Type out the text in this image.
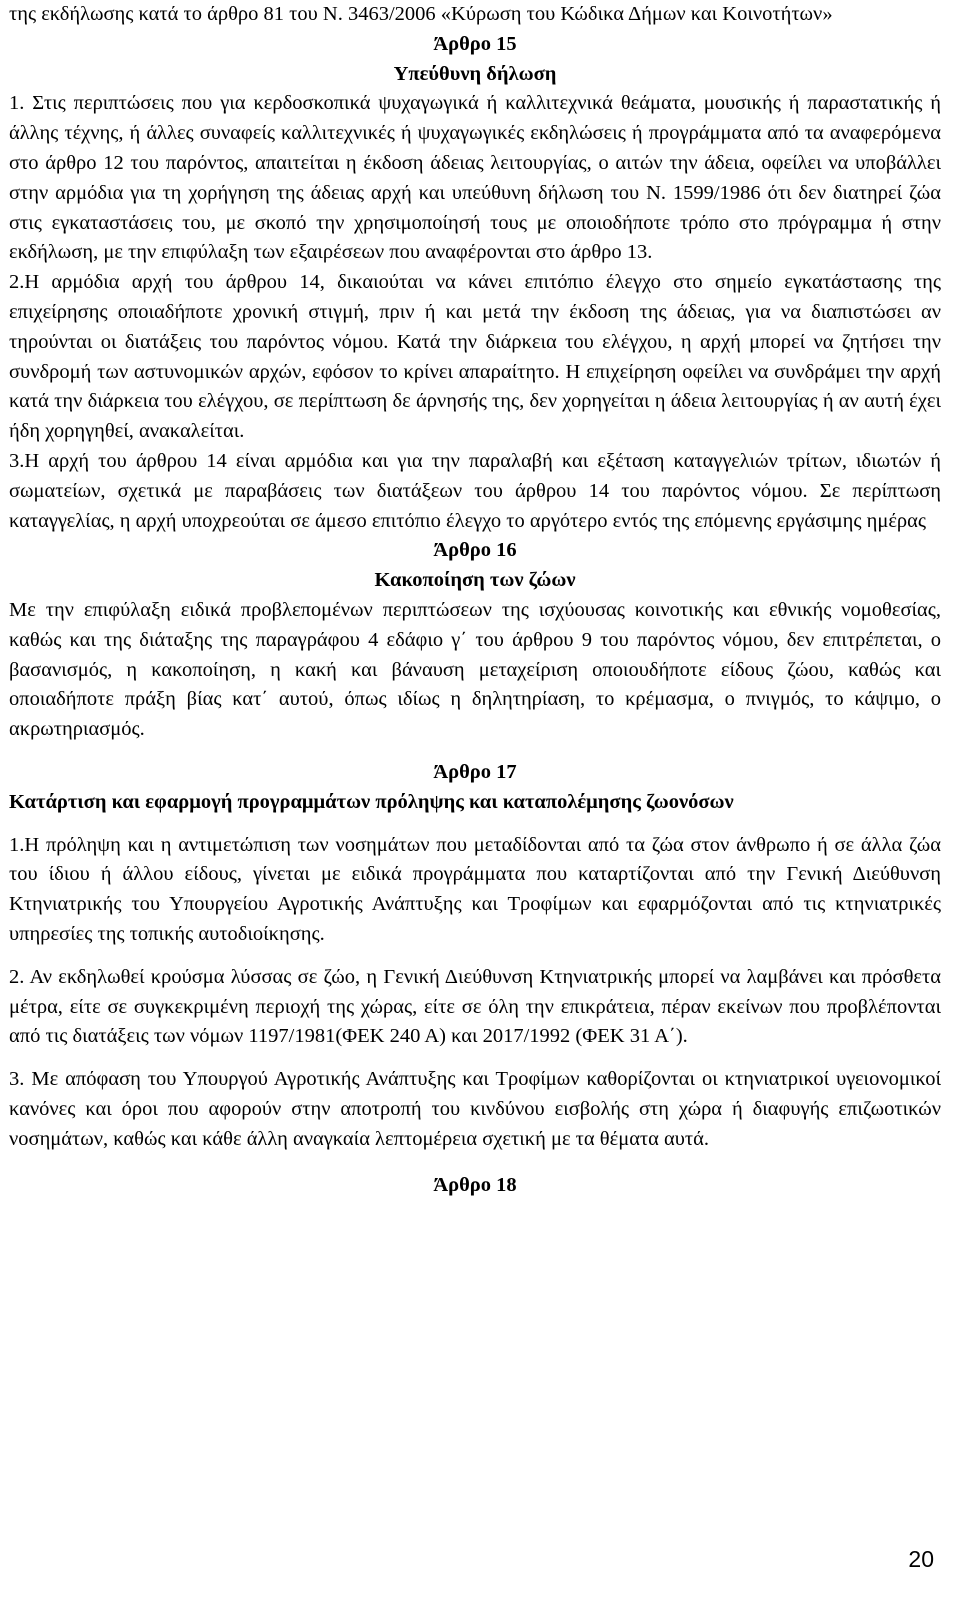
της εκδήλωσης κατά το άρθρο 81 του Ν. 3463/2006 «Κύρωση του Κώδικα Δήμων και Κοινοτήτων»

Άρθρο 15

Υπεύθυνη δήλωση

1. Στις περιπτώσεις που για κερδοσκοπικά ψυχαγωγικά ή καλλιτεχνικά θεάματα, μουσικής ή παραστατικής ή άλλης τέχνης, ή άλλες συναφείς καλλιτεχνικές ή ψυχαγωγικές εκδηλώσεις ή προγράμματα από τα αναφερόμενα στο άρθρο 12 του παρόντος, απαιτείται η έκδοση άδειας λειτουργίας, ο αιτών την άδεια, οφείλει να υποβάλλει στην αρμόδια για τη χορήγηση της άδειας αρχή και υπεύθυνη δήλωση του Ν. 1599/1986 ότι δεν διατηρεί ζώα στις εγκαταστάσεις του, με σκοπό την χρησιμοποίησή τους με οποιοδήποτε τρόπο στο πρόγραμμα ή στην εκδήλωση, με την επιφύλαξη των εξαιρέσεων που αναφέρονται στο άρθρο 13.

2.Η αρμόδια αρχή του άρθρου 14, δικαιούται να κάνει επιτόπιο έλεγχο στο σημείο εγκατάστασης της επιχείρησης οποιαδήποτε χρονική στιγμή, πριν ή και μετά την έκδοση της άδειας, για να διαπιστώσει αν τηρούνται οι διατάξεις του παρόντος νόμου. Κατά την διάρκεια του ελέγχου, η αρχή μπορεί να ζητήσει την συνδρομή των αστυνομικών αρχών, εφόσον το κρίνει απαραίτητο. Η επιχείρηση οφείλει να συνδράμει την αρχή κατά την διάρκεια του ελέγχου, σε περίπτωση δε άρνησής της, δεν χορηγείται η άδεια λειτουργίας ή αν αυτή έχει ήδη χορηγηθεί, ανακαλείται.

3.Η αρχή του άρθρου 14 είναι αρμόδια και για την παραλαβή και εξέταση καταγγελιών τρίτων, ιδιωτών ή σωματείων, σχετικά με παραβάσεις των διατάξεων του άρθρου 14 του παρόντος νόμου. Σε περίπτωση καταγγελίας, η αρχή υποχρεούται σε άμεσο επιτόπιο έλεγχο το αργότερο εντός της επόμενης εργάσιμης ημέρας

Άρθρο 16

Κακοποίηση των ζώων

Με την επιφύλαξη ειδικά προβλεπομένων περιπτώσεων της ισχύουσας κοινοτικής και εθνικής νομοθεσίας, καθώς και της διάταξης της παραγράφου 4 εδάφιο γ΄ του άρθρου 9 του παρόντος νόμου, δεν επιτρέπεται, ο βασανισμός, η κακοποίηση, η κακή και βάναυση μεταχείριση οποιουδήποτε είδους ζώου, καθώς και οποιαδήποτε πράξη βίας κατ΄ αυτού, όπως ιδίως η δηλητηρίαση, το κρέμασμα, ο πνιγμός, το κάψιμο, ο ακρωτηριασμός.

Άρθρο 17

Κατάρτιση και εφαρμογή προγραμμάτων πρόληψης και καταπολέμησης ζωονόσων

1.Η πρόληψη και η αντιμετώπιση των νοσημάτων που μεταδίδονται από τα ζώα στον άνθρωπο ή σε άλλα ζώα του ίδιου ή άλλου είδους, γίνεται με ειδικά προγράμματα που καταρτίζονται από την Γενική Διεύθυνση Κτηνιατρικής του Υπουργείου Αγροτικής Ανάπτυξης και Τροφίμων και εφαρμόζονται από τις κτηνιατρικές υπηρεσίες της τοπικής αυτοδιοίκησης.

2. Αν εκδηλωθεί κρούσμα λύσσας σε ζώο, η Γενική Διεύθυνση Κτηνιατρικής μπορεί να λαμβάνει και πρόσθετα μέτρα, είτε σε συγκεκριμένη περιοχή της χώρας, είτε σε όλη την επικράτεια, πέραν εκείνων που προβλέπονται από τις διατάξεις των νόμων 1197/1981(ΦΕΚ 240 Α) και 2017/1992 (ΦΕΚ 31 Α΄).

3. Με απόφαση του Υπουργού Αγροτικής Ανάπτυξης και Τροφίμων καθορίζονται οι κτηνιατρικοί υγειονομικοί κανόνες και όροι που αφορούν στην αποτροπή του κινδύνου εισβολής στη χώρα ή διαφυγής επιζωοτικών νοσημάτων, καθώς και κάθε άλλη αναγκαία λεπτομέρεια σχετική με τα θέματα αυτά.

Άρθρο 18

20
